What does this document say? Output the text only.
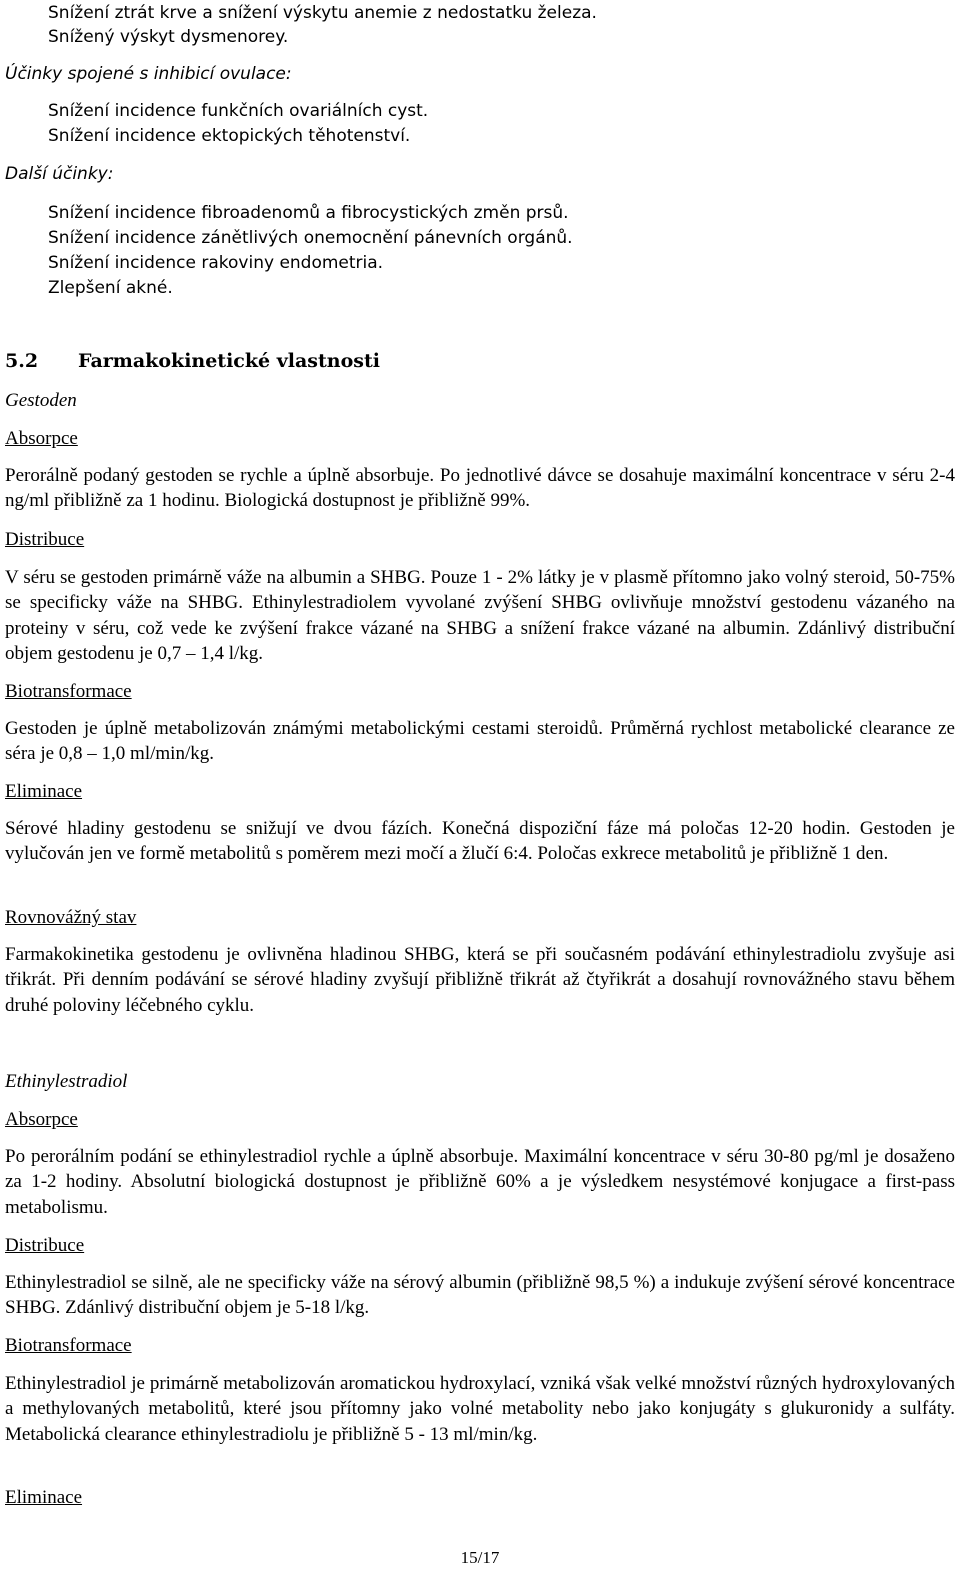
Snížení ztrát krve a snížení výskytu anemie z nedostatku železa.
Snížený výskyt dysmenorey.
Účinky spojené s inhibicí ovulace:
Snížení incidence funkčních ovariálních cyst.
Snížení incidence ektopických těhotenství.
Další účinky:
Snížení incidence fibroadenomů a fibrocystických změn prsů.
Snížení incidence zánětlivých onemocnění pánevních orgánů.
Snížení incidence rakoviny endometria.
Zlepšení akné.
5.2 Farmakokinetické vlastnosti
Gestoden
Absorpce

Perorálně podaný gestoden se rychle a úplně absorbuje. Po jednotlivé dávce se dosahuje maximální koncentrace v séru 2-4 ng/ml přibližně za 1 hodinu. Biologická dostupnost je přibližně 99%.

Distribuce

V séru se gestoden primárně váže na albumin a SHBG. Pouze 1 - 2% látky je v plasmě přítomno jako volný steroid, 50-75% se specificky váže na SHBG. Ethinylestradiolem vyvolané zvýšení SHBG ovlivňuje množství gestodenu vázaného na proteiny v séru, což vede ke zvýšení frakce vázané na SHBG a snížení frakce vázané na albumin. Zdánlivý distribuční objem gestodenu je 0,7 – 1,4 l/kg.

Biotransformace

Gestoden je úplně metabolizován známými metabolickými cestami steroidů. Průměrná rychlost metabolické clearance ze séra je 0,8 – 1,0 ml/min/kg.

Eliminace

Sérové hladiny gestodenu se snižují ve dvou fázích. Konečná dispoziční fáze má poločas 12-20 hodin. Gestoden je vylučován jen ve formě metabolitů s poměrem mezi močí a žlučí 6:4. Poločas exkrece metabolitů je přibližně 1 den.

Rovnovážný stav

Farmakokinetika gestodenu je ovlivněna hladinou SHBG, která se při současném podávání ethinylestradiolu zvyšuje asi třikrát. Při denním podávání se sérové hladiny zvyšují přibližně třikrát až čtyřikrát a dosahují rovnovážného stavu během druhé poloviny léčebného cyklu.

Ethinylestradiol
Absorpce

Po perorálním podání se ethinylestradiol rychle a úplně absorbuje. Maximální koncentrace v séru 30-80 pg/ml je dosaženo za 1-2 hodiny. Absolutní biologická dostupnost je přibližně 60% a je výsledkem nesystémové konjugace a first-pass metabolismu.

Distribuce

Ethinylestradiol se silně, ale ne specificky váže na sérový albumin (přibližně 98,5 %) a indukuje zvýšení sérové koncentrace SHBG. Zdánlivý distribuční objem je 5-18 l/kg.

Biotransformace

Ethinylestradiol je primárně metabolizován aromatickou hydroxylací, vzniká však velké množství různých hydroxylovaných a methylovaných metabolitů, které jsou přítomny jako volné metabolity nebo jako konjugáty s glukuronidy a sulfáty. Metabolická clearance ethinylestradiolu je přibližně 5 - 13 ml/min/kg.

Eliminace
15/17
